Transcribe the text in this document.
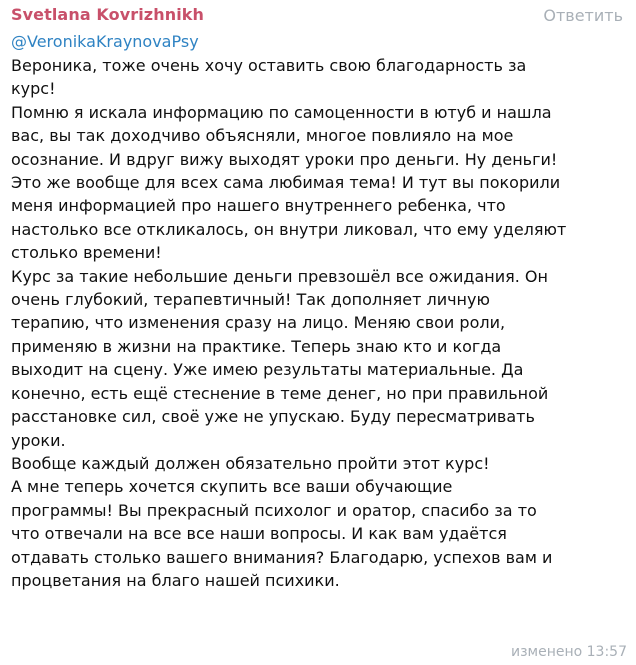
Svetlana Kovrizhnikh	Ответить
@VeronikaKraynovaPsy
Вероника, тоже очень хочу оставить свою благодарность за
курс!
Помню я искала информацию по самоценности в ютуб и нашла
вас, вы так доходчиво объясняли, многое повлияло на мое
осознание. И вдруг вижу выходят уроки про деньги. Ну деньги!
Это же вообще для всех сама любимая тема! И тут вы покорили
меня информацией про нашего внутреннего ребенка, что
настолько все откликалось, он внутри ликовал, что ему уделяют
столько времени!
Курс за такие небольшие деньги превзошёл все ожидания. Он
очень глубокий, терапевтичный! Так дополняет личную
терапию, что изменения сразу на лицо. Меняю свои роли,
применяю в жизни на практике. Теперь знаю кто и когда
выходит на сцену. Уже имею результаты материальные. Да
конечно, есть ещё стеснение в теме денег, но при правильной
расстановке сил, своё уже не упускаю. Буду пересматривать
уроки.
Вообще каждый должен обязательно пройти этот курс!
А мне теперь хочется скупить все ваши обучающие
программы! Вы прекрасный психолог и оратор, спасибо за то
что отвечали на все все наши вопросы. И как вам удаётся
отдавать столько вашего внимания? Благодарю, успехов вам и
процветания на благо нашей психики.
изменено 13:57
